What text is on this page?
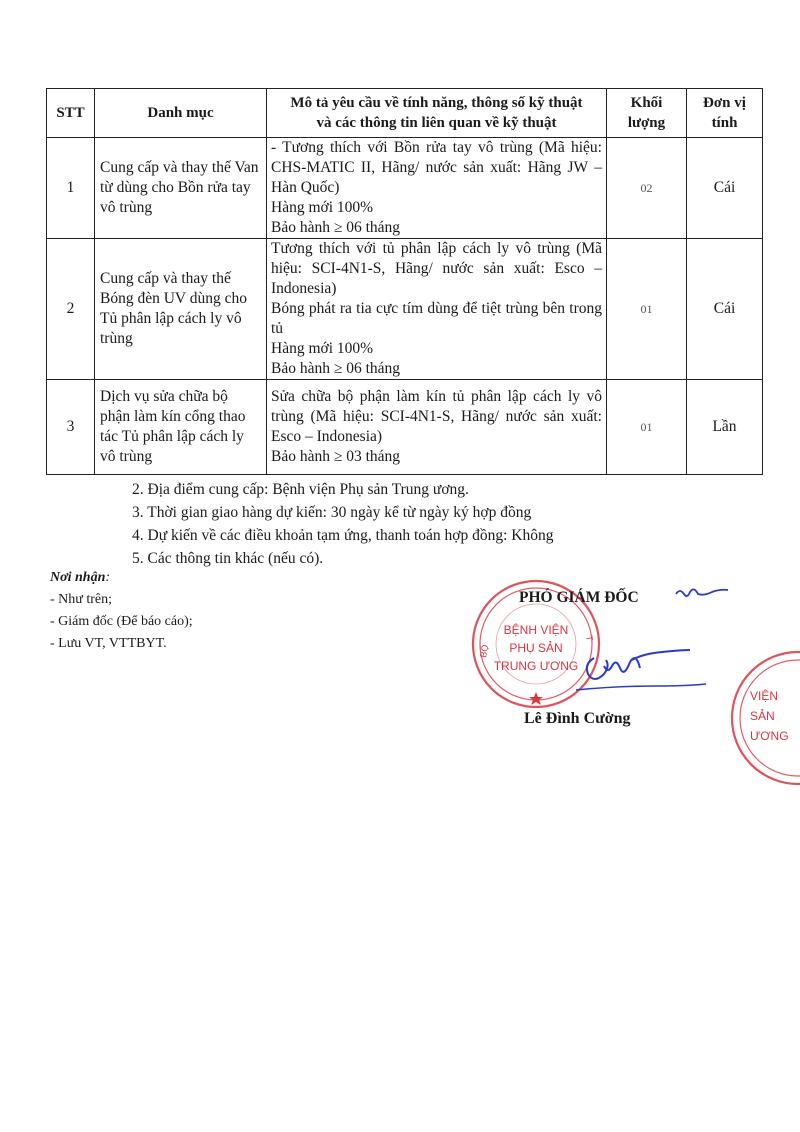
STT	Danh mục	Mô tả yêu cầu về tính năng, thông số kỹ thuật
và các thông tin liên quan về kỹ thuật	Khối
lượng	Đơn vị
tính

1	Cung cấp và thay thế Van từ dùng cho Bồn rửa tay vô trùng	- Tương thích với Bồn rửa tay vô trùng (Mã hiệu: CHS-MATIC II, Hãng/ nước sản xuất: Hãng JW – Hàn Quốc)
Hàng mới 100%
Bảo hành ≥ 06 tháng	02	Cái
2	Cung cấp và thay thế Bóng đèn UV dùng cho Tủ phân lập cách ly vô trùng	Tương thích với tủ phân lập cách ly vô trùng (Mã hiệu: SCI-4N1-S, Hãng/ nước sản xuất: Esco – Indonesia)
Bóng phát ra tia cực tím dùng để tiệt trùng bên trong tủ
Hàng mới 100%
Bảo hành ≥ 06 tháng	01	Cái
3	Dịch vụ sửa chữa bộ phận làm kín cổng thao tác Tủ phân lập cách ly vô trùng	Sửa chữa bộ phận làm kín tủ phân lập cách ly vô trùng (Mã hiệu: SCI-4N1-S, Hãng/ nước sản xuất: Esco – Indonesia)
Bảo hành ≥ 03 tháng	01	Lần
2. Địa điểm cung cấp: Bệnh viện Phụ sản Trung ương.
3. Thời gian giao hàng dự kiến: 30 ngày kể từ ngày ký hợp đồng
4. Dự kiến về các điều khoản tạm ứng, thanh toán hợp đồng: Không
5. Các thông tin khác (nếu có).
Nơi nhận:
- Như trên;
- Giám đốc (Để báo cáo);
- Lưu VT, VTTBYT.
BỆNH VIỆN
PHỤ SẢN
TRUNG ƯƠNG
BỘ
T
VIỆN
SẢN
ƯƠNG
PHÓ GIÁM ĐỐC
Lê Đình Cường
